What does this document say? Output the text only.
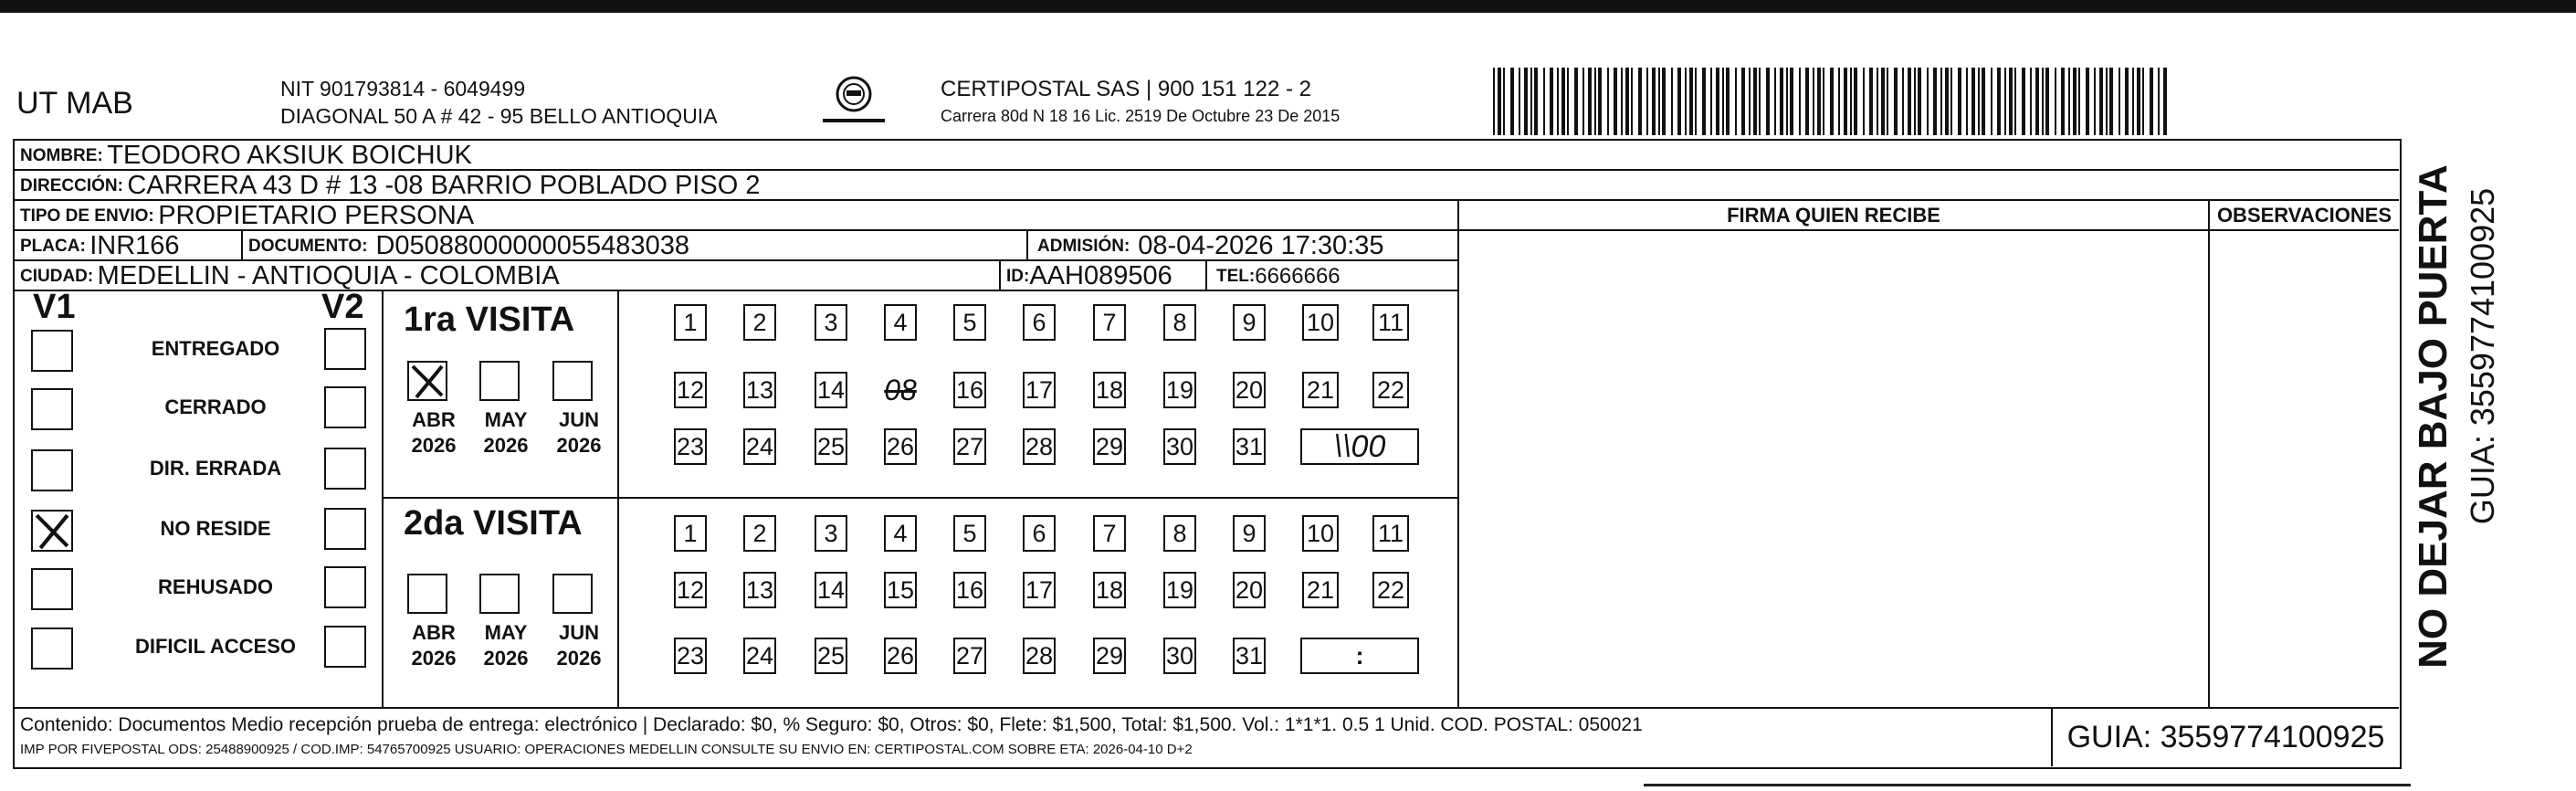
UT MAB	NIT 901793814 - 6049499
DIAGONAL 50 A # 42 - 95 BELLO ANTIOQUIA
CERTIPOSTAL SAS | 900 151 122 - 2
Carrera 80d N 18 16 Lic. 2519 De Octubre 23 De 2015
NOMBRE:
TEODORO AKSIUK BOICHUK
DIRECCIÓN:
CARRERA 43 D # 13 -08 BARRIO POBLADO PISO 2
TIPO DE ENVIO:
PROPIETARIO PERSONA
PLACA:
INR166	DOCUMENTO:
D05088000000055483038	ADMISIÓN:
08-04-2026 17:30:35
CIUDAD:
MEDELLIN - ANTIOQUIA - COLOMBIA	ID: AAH089506	TEL: 6666666
FIRMA QUIEN RECIBE	OBSERVACIONES
V1	V2
ENTREGADO
CERRADO
DIR. ERRADA
NO RESIDE
REHUSADO
DIFICIL ACCESO
1ra VISITA
ABR
2026
MAY
2026
JUN
2026
1 2 3 4 5 6 7 8 9 10 11
12 13 14 08 16 17 18 19 20 21 22
23 24 25 26 27 28 29 30 31 \\00
2da VISITA
ABR
2026
MAY
2026
JUN
2026
1 2 3 4 5 6 7 8 9 10 11
12 13 14 15 16 17 18 19 20 21 22
23 24 25 26 27 28 29 30 31	:
Contenido: Documentos Medio recepción prueba de entrega: electrónico | Declarado: $0, % Seguro: $0, Otros: $0, Flete: $1,500, Total: $1,500. Vol.: 1*1*1. 0.5 1 Unid. COD. POSTAL: 050021
IMP POR FIVEPOSTAL ODS: 25488900925 / COD.IMP: 54765700925 USUARIO: OPERACIONES MEDELLIN CONSULTE SU ENVIO EN: CERTIPOSTAL.COM SOBRE ETA: 2026-04-10 D+2	GUIA: 3559774100925
NO DEJAR BAJO PUERTA GUIA: 3559774100925
